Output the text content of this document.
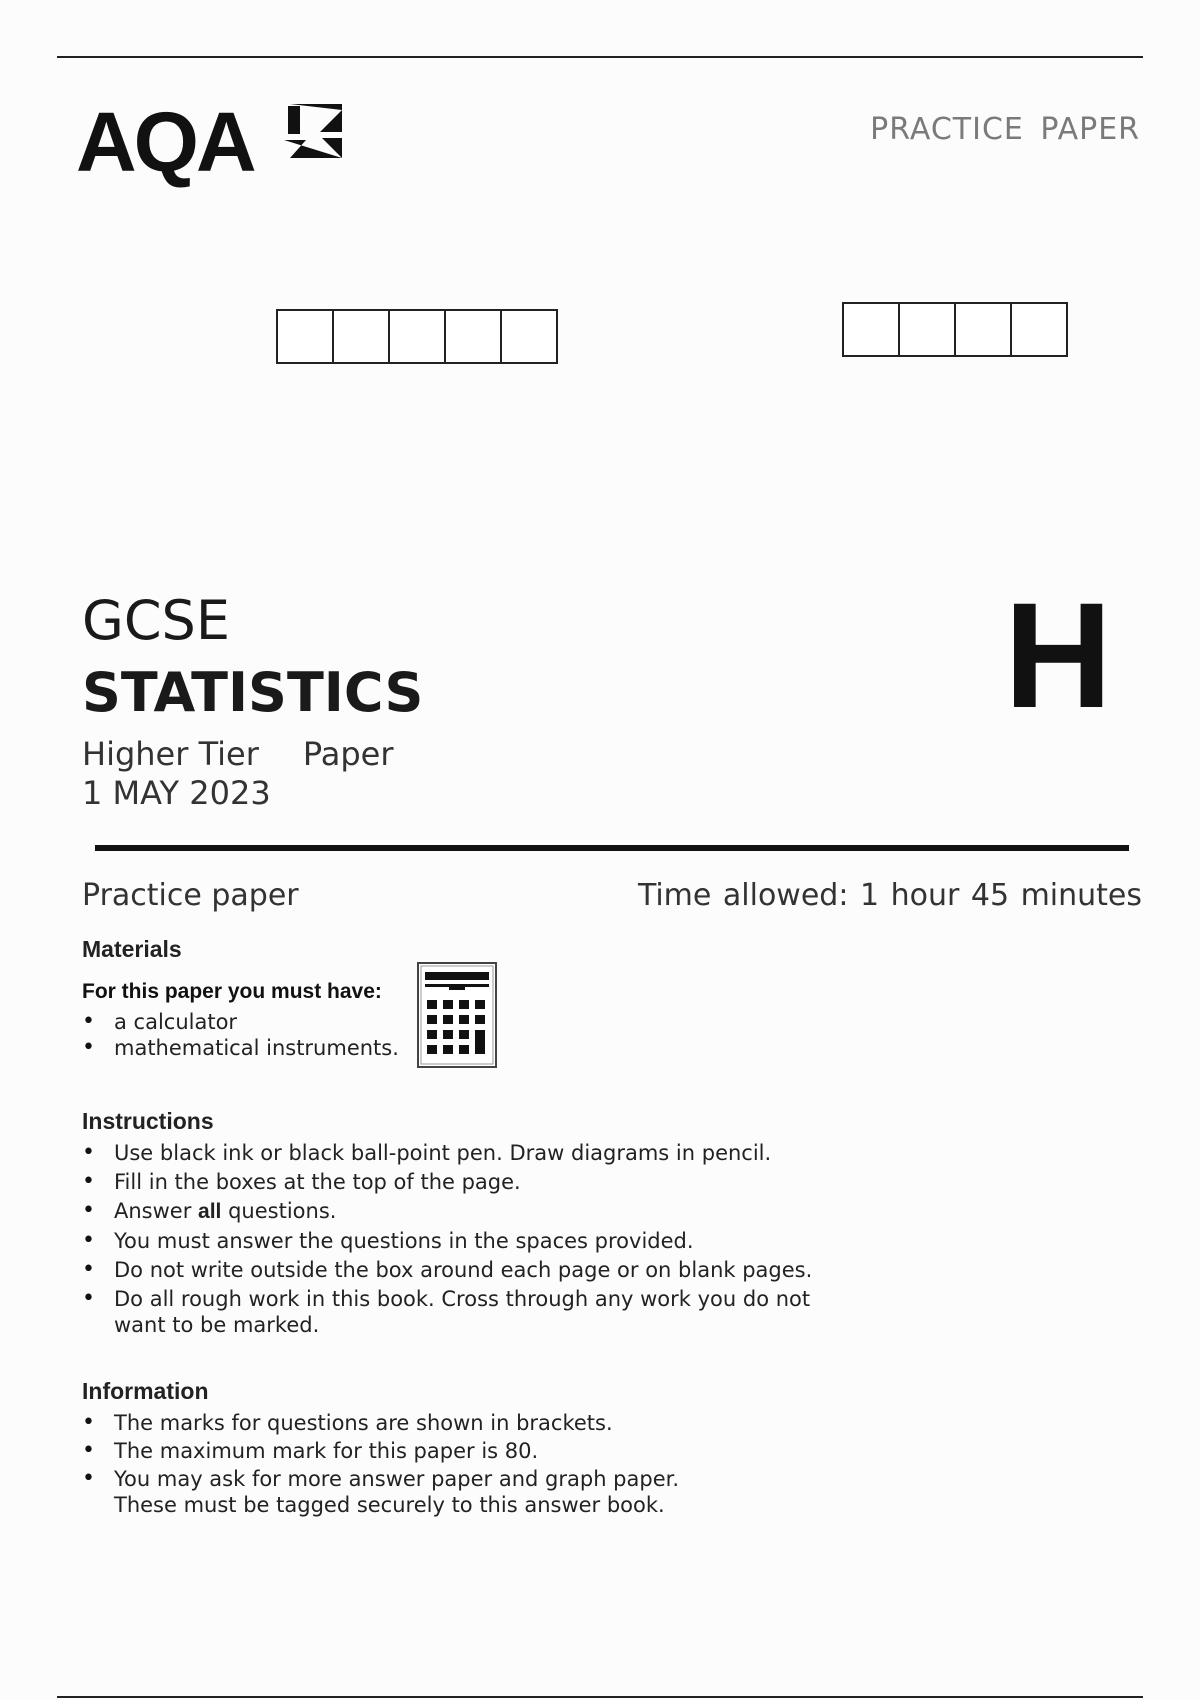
AQA	PRACTICE PAPER
GCSE
STATISTICS
Higher Tier Paper
1 MAY 2023
H
Practice paper	Time allowed: 1 hour 45 minutes
Materials
For this paper you must have:
• a calculator
• mathematical instruments.
Instructions
• Use black ink or black ball-point pen. Draw diagrams in pencil.
• Fill in the boxes at the top of the page.
• Answer all questions.
• You must answer the questions in the spaces provided.
• Do not write outside the box around each page or on blank pages.
• Do all rough work in this book. Cross through any work you do not want to be marked.
Information
• The marks for questions are shown in brackets.
• The maximum mark for this paper is 80.
• You may ask for more answer paper and graph paper. These must be tagged securely to this answer book.
